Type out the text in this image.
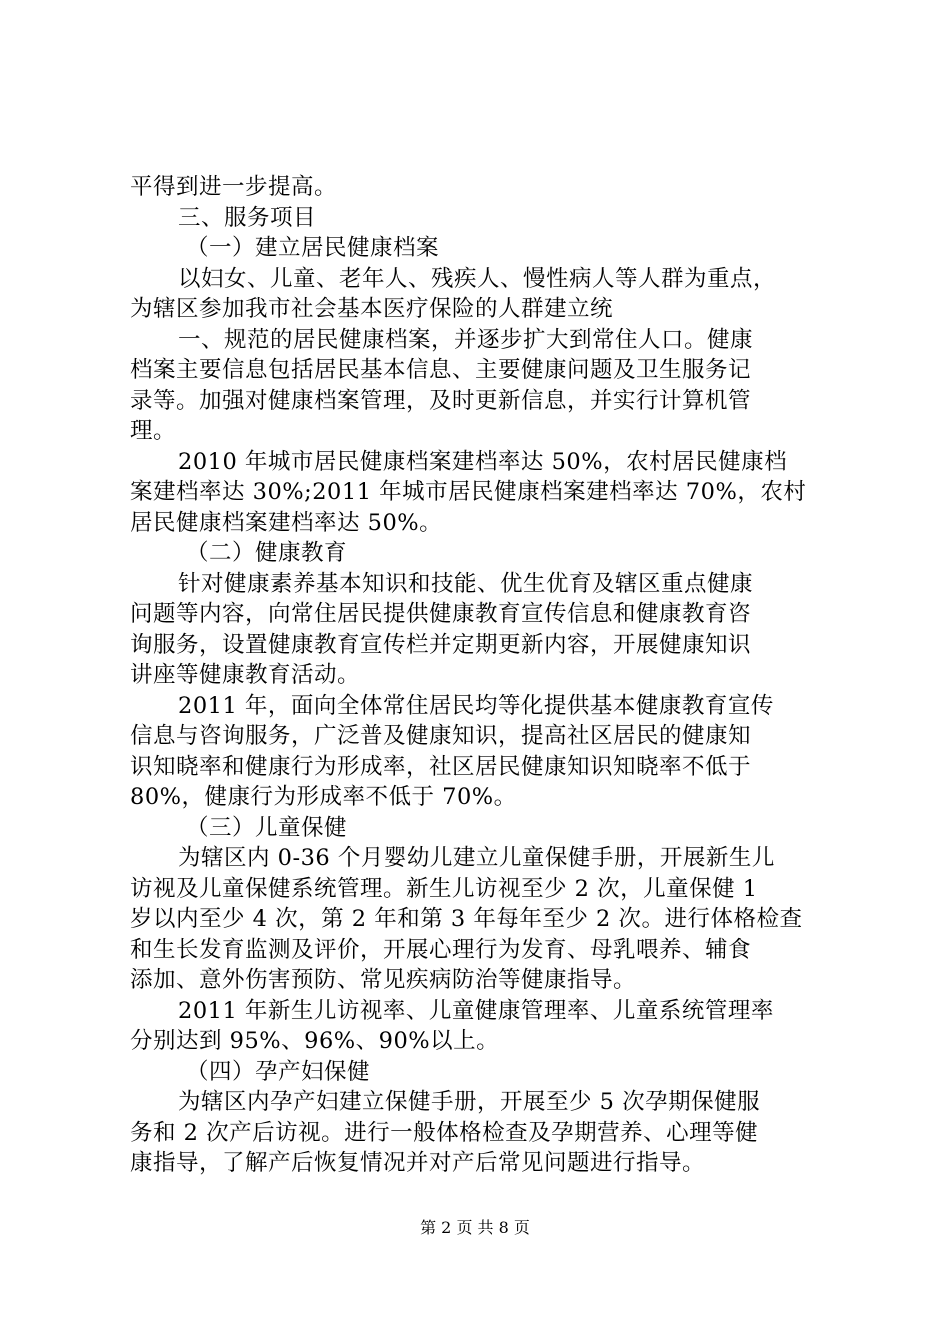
平得到进一步提高。
三、服务项目
（一）建立居民健康档案
以妇女、儿童、老年人、残疾人、慢性病人等人群为重点，
为辖区参加我市社会基本医疗保险的人群建立统
一、规范的居民健康档案，并逐步扩大到常住人口。健康
档案主要信息包括居民基本信息、主要健康问题及卫生服务记
录等。加强对健康档案管理，及时更新信息，并实行计算机管
理。
2010 年城市居民健康档案建档率达 50%，农村居民健康档
案建档率达 30%;2011 年城市居民健康档案建档率达 70%，农村
居民健康档案建档率达 50%。
（二）健康教育
针对健康素养基本知识和技能、优生优育及辖区重点健康
问题等内容，向常住居民提供健康教育宣传信息和健康教育咨
询服务，设置健康教育宣传栏并定期更新内容，开展健康知识
讲座等健康教育活动。
2011 年，面向全体常住居民均等化提供基本健康教育宣传
信息与咨询服务，广泛普及健康知识，提高社区居民的健康知
识知晓率和健康行为形成率，社区居民健康知识知晓率不低于
80%，健康行为形成率不低于 70%。
（三）儿童保健
为辖区内 0-36 个月婴幼儿建立儿童保健手册，开展新生儿
访视及儿童保健系统管理。新生儿访视至少 2 次，儿童保健 1
岁以内至少 4 次，第 2 年和第 3 年每年至少 2 次。进行体格检查
和生长发育监测及评价，开展心理行为发育、母乳喂养、辅食
添加、意外伤害预防、常见疾病防治等健康指导。
2011 年新生儿访视率、儿童健康管理率、儿童系统管理率
分别达到 95%、96%、90%以上。
（四）孕产妇保健
为辖区内孕产妇建立保健手册，开展至少 5 次孕期保健服
务和 2 次产后访视。进行一般体格检查及孕期营养、心理等健
康指导，了解产后恢复情况并对产后常见问题进行指导。
第 2 页 共 8 页
